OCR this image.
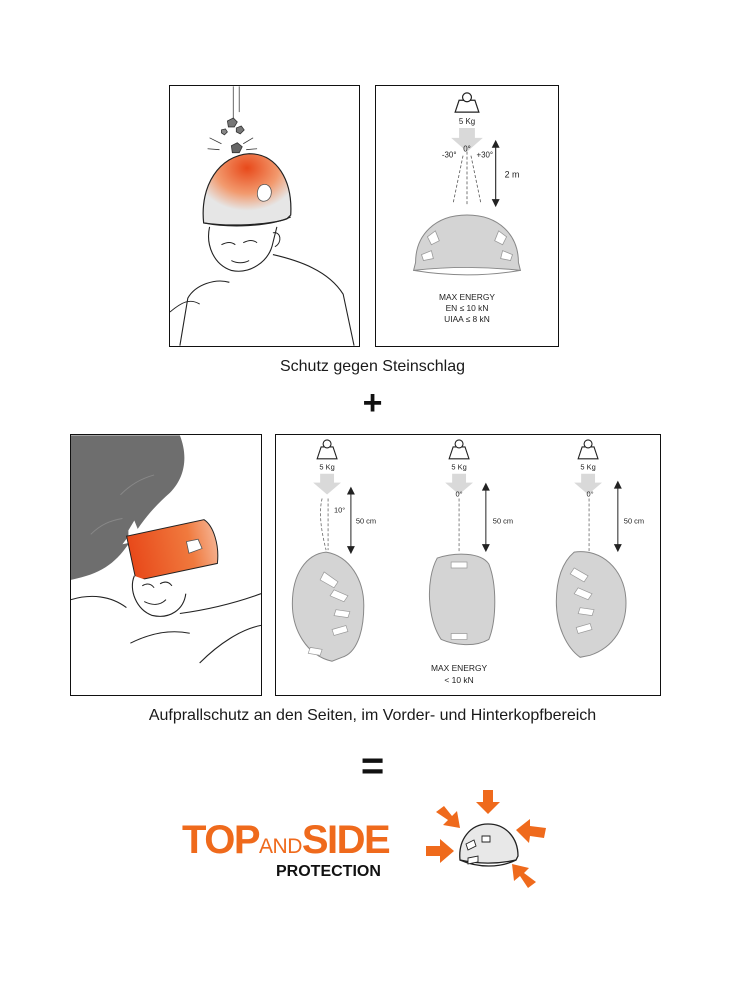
5 Kg
-30°
0°
+30°
2 m
MAX ENERGY
EN ≤ 10 kN
UIAA ≤ 8 kN
Schutz gegen Steinschlag
+
5 Kg
10°
50 cm
5 Kg
0°
50 cm
5 Kg
0°
50 cm
MAX ENERGY
< 10 kN
Aufprallschutz an den Seiten, im Vorder- und Hinterkopfbereich
=
TOPANDSIDE
PROTECTION
